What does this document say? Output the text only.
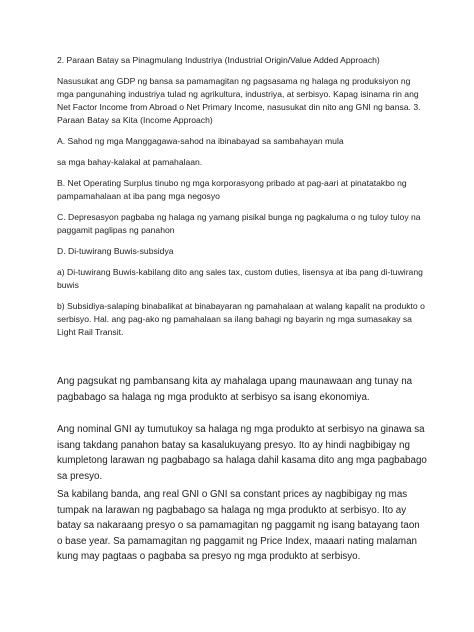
2. Paraan Batay sa Pinagmulang Industriya (Industrial Origin/Value Added Approach)

Nasusukat ang GDP ng bansa sa pamamagitan ng pagsasama ng halaga ng produksiyon ng mga pangunahing industriya tulad ng agrikultura, industriya, at serbisyo. Kapag isinama rin ang Net Factor Income from Abroad o Net Primary Income, nasusukat din nito ang GNI ng bansa. 3. Paraan Batay sa Kita (Income Approach)

A. Sahod ng mga Manggagawa-sahod na ibinabayad sa sambahayan mula

sa mga bahay-kalakal at pamahalaan.

B. Net Operating Surplus tinubo ng mga korporasyong pribado at pag-aari at pinatatakbo ng pampamahalaan at iba pang mga negosyo

C. Depresasyon pagbaba ng halaga ng yamang pisikal bunga ng pagkaluma o ng tuloy tuloy na paggamit paglipas ng panahon

D. Di-tuwirang Buwis-subsidya

a) Di-tuwirang Buwis-kabilang dito ang sales tax, custom duties, lisensya at iba pang di-tuwirang buwis

b) Subsidiya-salaping binabalikat at binabayaran ng pamahalaan at walang kapalit na produkto o serbisyo. Hal. ang pag-ako ng pamahalaan sa ilang bahagi ng bayarin ng mga sumasakay sa Light Rail Transit.

Ang pagsukat ng pambansang kita ay mahalaga upang maunawaan ang tunay na pagbabago sa halaga ng mga produkto at serbisyo sa isang ekonomiya.

Ang nominal GNI ay tumutukoy sa halaga ng mga produkto at serbisyo na ginawa sa isang takdang panahon batay sa kasalukuyang presyo. Ito ay hindi nagbibigay ng kumpletong larawan ng pagbabago sa halaga dahil kasama dito ang mga pagbabago sa presyo.

Sa kabilang banda, ang real GNI o GNI sa constant prices ay nagbibigay ng mas tumpak na larawan ng pagbabago sa halaga ng mga produkto at serbisyo. Ito ay batay sa nakaraang presyo o sa pamamagitan ng paggamit ng isang batayang taon o base year. Sa pamamagitan ng paggamit ng Price Index, maaari nating malaman kung may pagtaas o pagbaba sa presyo ng mga produkto at serbisyo.
